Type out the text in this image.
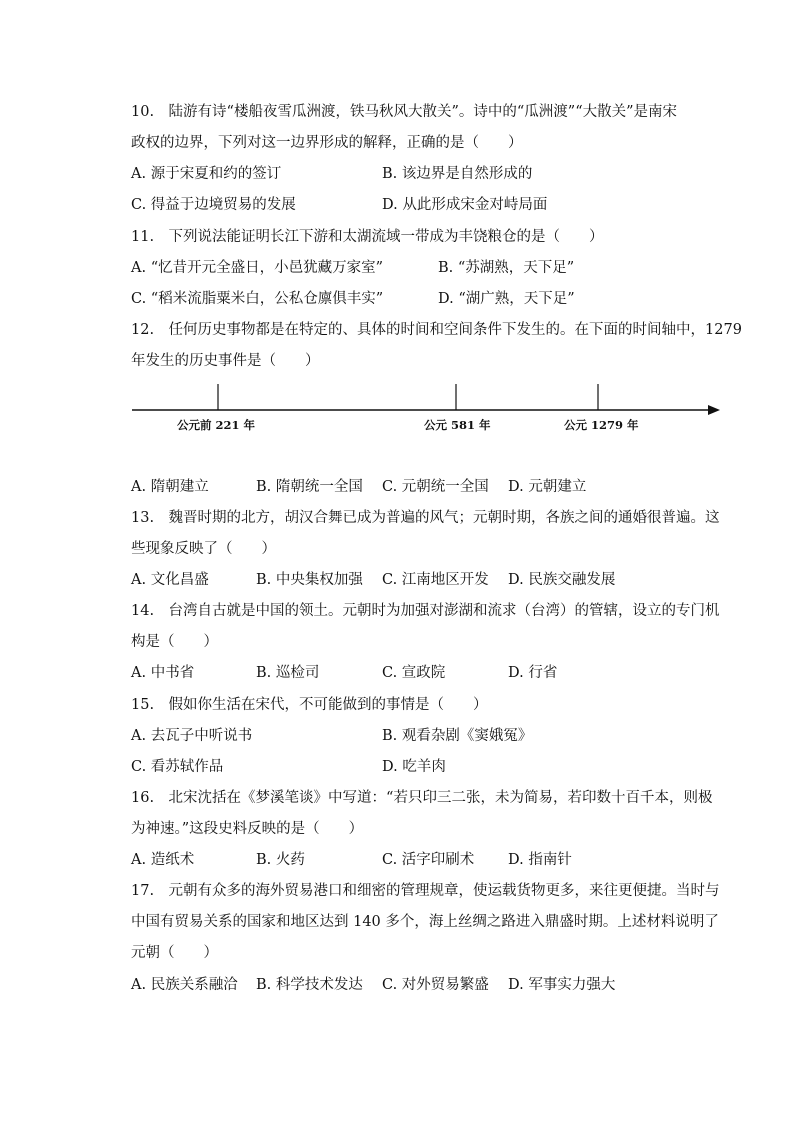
10.　陆游有诗“楼船夜雪瓜洲渡，铁马秋风大散关”。诗中的“瓜洲渡”“大散关”是南宋
政权的边界，下列对这一边界形成的解释，正确的是（　　）
A. 源于宋夏和约的签订	B. 该边界是自然形成的
C. 得益于边境贸易的发展	D. 从此形成宋金对峙局面
11.　下列说法能证明长江下游和太湖流域一带成为丰饶粮仓的是（　　）
A. “忆昔开元全盛日，小邑犹藏万家室”	B. “苏湖熟，天下足”
C. “稻米流脂粟米白，公私仓廪俱丰实”	D. “湖广熟，天下足”
12.　任何历史事物都是在特定的、具体的时间和空间条件下发生的。在下面的时间轴中，1279
年发生的历史事件是（　　）
公元前 221 年	公元 581 年	公元 1279 年
A. 隋朝建立	B. 隋朝统一全国 C. 元朝统一全国 D. 元朝建立
13.　魏晋时期的北方，胡汉合舞已成为普遍的风气；元朝时期，各族之间的通婚很普遍。这
些现象反映了（　　）
A. 文化昌盛	B. 中央集权加强 C. 江南地区开发 D. 民族交融发展
14.　台湾自古就是中国的领土。元朝时为加强对澎湖和流求（台湾）的管辖，设立的专门机
构是（　　）
A. 中书省	B. 巡检司	C. 宣政院	D. 行省
15.　假如你生活在宋代，不可能做到的事情是（　　）
A. 去瓦子中听说书	B. 观看杂剧《窦娥冤》
C. 看苏轼作品	D. 吃羊肉
16.　北宋沈括在《梦溪笔谈》中写道：“若只印三二张，未为简易，若印数十百千本，则极
为神速。”这段史料反映的是（　　）
A. 造纸术	B. 火药	C. 活字印刷术 D. 指南针
17.　元朝有众多的海外贸易港口和细密的管理规章，使运载货物更多，来往更便捷。当时与
中国有贸易关系的国家和地区达到 140 多个，海上丝绸之路进入鼎盛时期。上述材料说明了
元朝（　　）
A. 民族关系融洽 B. 科学技术发达 C. 对外贸易繁盛 D. 军事实力强大
